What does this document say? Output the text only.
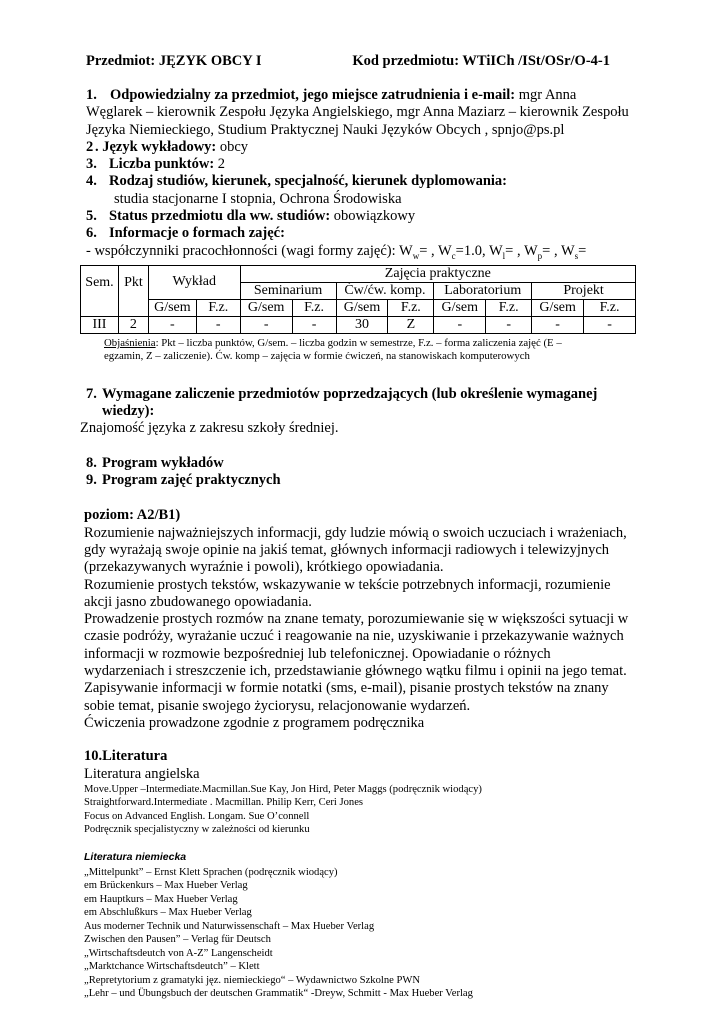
Przedmiot: JĘZYK OBCY I	Kod przedmiotu: WTiICh /ISt/OSr/O-4-1
1. Odpowiedzialny za przedmiot, jego miejsce zatrudnienia i e-mail: mgr Anna
Węglarek – kierownik Zespołu Języka Angielskiego, mgr Anna Maziarz – kierownik Zespołu
Języka Niemieckiego, Studium Praktycznej Nauki Języków Obcych , spnjo@ps.pl
2 . Język wykładowy: obcy
3. Liczba punktów: 2
4. Rodzaj studiów, kierunek, specjalność, kierunek dyplomowania:
studia stacjonarne I stopnia, Ochrona Środowiska
5. Status przedmiotu dla ww. studiów: obowiązkowy
6. Informacje o formach zajęć:
- współczynniki pracochłonności (wagi formy zajęć): $W_w=$ , $W_c=1.0$, $W_l=$ , $W_p=$ , $W_s=$
Sem.	Pkt	Wykład		Zajęcia praktyczne							
				Seminarium		Ćw/ćw. komp.		Laboratorium		Projekt	
		G/sem	F.z.	G/sem	F.z.	G/sem	F.z.	G/sem	F.z.	G/sem	F.z.
III	2	-	-	-	-	30	Z	-	-	-	-
Objaśnienia: Pkt – liczba punktów, G/sem. – liczba godzin w semestrze, F.z. – forma zaliczenia zajęć (E –
egzamin, Z – zaliczenie). Ćw. komp – zajęcia w formie ćwiczeń, na stanowiskach komputerowych
7. Wymagane zaliczenie przedmiotów poprzedzających (lub określenie wymaganej
wiedzy):
Znajomość języka z zakresu szkoły średniej.
8. Program wykładów
9. Program zajęć praktycznych
poziom: A2/B1)
Rozumienie najważniejszych informacji, gdy ludzie mówią o swoich uczuciach i wrażeniach,
gdy wyrażają swoje opinie na jakiś temat, głównych informacji radiowych i telewizyjnych
(przekazywanych wyraźnie i powoli), krótkiego opowiadania.
Rozumienie prostych tekstów, wskazywanie w tekście potrzebnych informacji, rozumienie
akcji jasno zbudowanego opowiadania.
Prowadzenie prostych rozmów na znane tematy, porozumiewanie się w większości sytuacji w
czasie podróży, wyrażanie uczuć i reagowanie na nie, uzyskiwanie i przekazywanie ważnych
informacji w rozmowie bezpośredniej lub telefonicznej. Opowiadanie o różnych
wydarzeniach i streszczenie ich, przedstawianie głównego wątku filmu i opinii na jego temat.
Zapisywanie informacji w formie notatki (sms, e-mail), pisanie prostych tekstów na znany
sobie temat, pisanie swojego życiorysu, relacjonowanie wydarzeń.
Ćwiczenia prowadzone zgodnie z programem podręcznika
10.Literatura
Literatura angielska
Move.Upper –Intermediate.Macmillan.Sue Kay, Jon Hird, Peter Maggs (podręcznik wiodący)
Straightforward.Intermediate . Macmillan. Philip Kerr, Ceri Jones
Focus on Advanced English. Longam. Sue O’connell
Podręcznik specjalistyczny w zależności od kierunku
Literatura niemiecka
„Mittelpunkt” – Ernst Klett Sprachen (podręcznik wiodący)
em Brückenkurs – Max Hueber Verlag
em Hauptkurs – Max Hueber Verlag
em Abschlußkurs – Max Hueber Verlag
Aus moderner Technik und Naturwissenschaft – Max Hueber Verlag
Zwischen den Pausen” – Verlag für Deutsch
„Wirtschaftsdeutch von A-Z” Langenscheidt
„Marktchance Wirtschaftsdeutch” – Klett
„Repretytorium z gramatyki jęz. niemieckiego“ – Wydawnictwo Szkolne PWN
„Lehr – und Übungsbuch der deutschen Grammatik“ -Dreyw, Schmitt - Max Hueber Verlag
